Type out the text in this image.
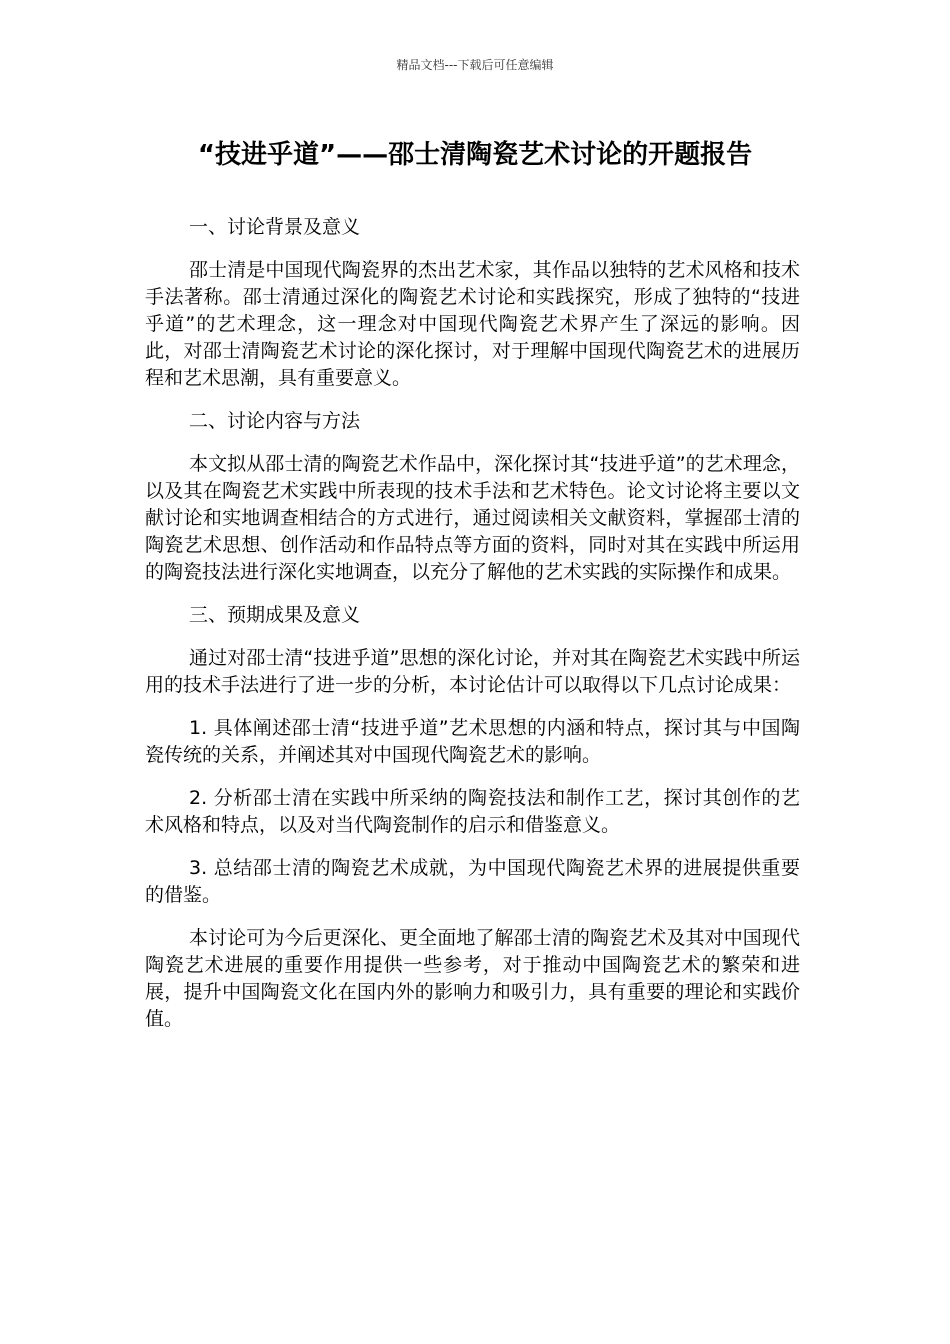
精品文档---下载后可任意编辑
“技进乎道”——邵士清陶瓷艺术讨论的开题报告

一、讨论背景及意义

邵士清是中国现代陶瓷界的杰出艺术家，其作品以独特的艺术风格和技术手法著称。邵士清通过深化的陶瓷艺术讨论和实践探究，形成了独特的“技进乎道”的艺术理念，这一理念对中国现代陶瓷艺术界产生了深远的影响。因此，对邵士清陶瓷艺术讨论的深化探讨，对于理解中国现代陶瓷艺术的进展历程和艺术思潮，具有重要意义。

二、讨论内容与方法

本文拟从邵士清的陶瓷艺术作品中，深化探讨其“技进乎道”的艺术理念，以及其在陶瓷艺术实践中所表现的技术手法和艺术特色。论文讨论将主要以文献讨论和实地调查相结合的方式进行，通过阅读相关文献资料，掌握邵士清的陶瓷艺术思想、创作活动和作品特点等方面的资料，同时对其在实践中所运用的陶瓷技法进行深化实地调查，以充分了解他的艺术实践的实际操作和成果。

三、预期成果及意义

通过对邵士清“技进乎道”思想的深化讨论，并对其在陶瓷艺术实践中所运用的技术手法进行了进一步的分析，本讨论估计可以取得以下几点讨论成果：

1. 具体阐述邵士清“技进乎道”艺术思想的内涵和特点，探讨其与中国陶瓷传统的关系，并阐述其对中国现代陶瓷艺术的影响。

2. 分析邵士清在实践中所采纳的陶瓷技法和制作工艺，探讨其创作的艺术风格和特点，以及对当代陶瓷制作的启示和借鉴意义。

3. 总结邵士清的陶瓷艺术成就，为中国现代陶瓷艺术界的进展提供重要的借鉴。

本讨论可为今后更深化、更全面地了解邵士清的陶瓷艺术及其对中国现代陶瓷艺术进展的重要作用提供一些参考，对于推动中国陶瓷艺术的繁荣和进展，提升中国陶瓷文化在国内外的影响力和吸引力，具有重要的理论和实践价值。
